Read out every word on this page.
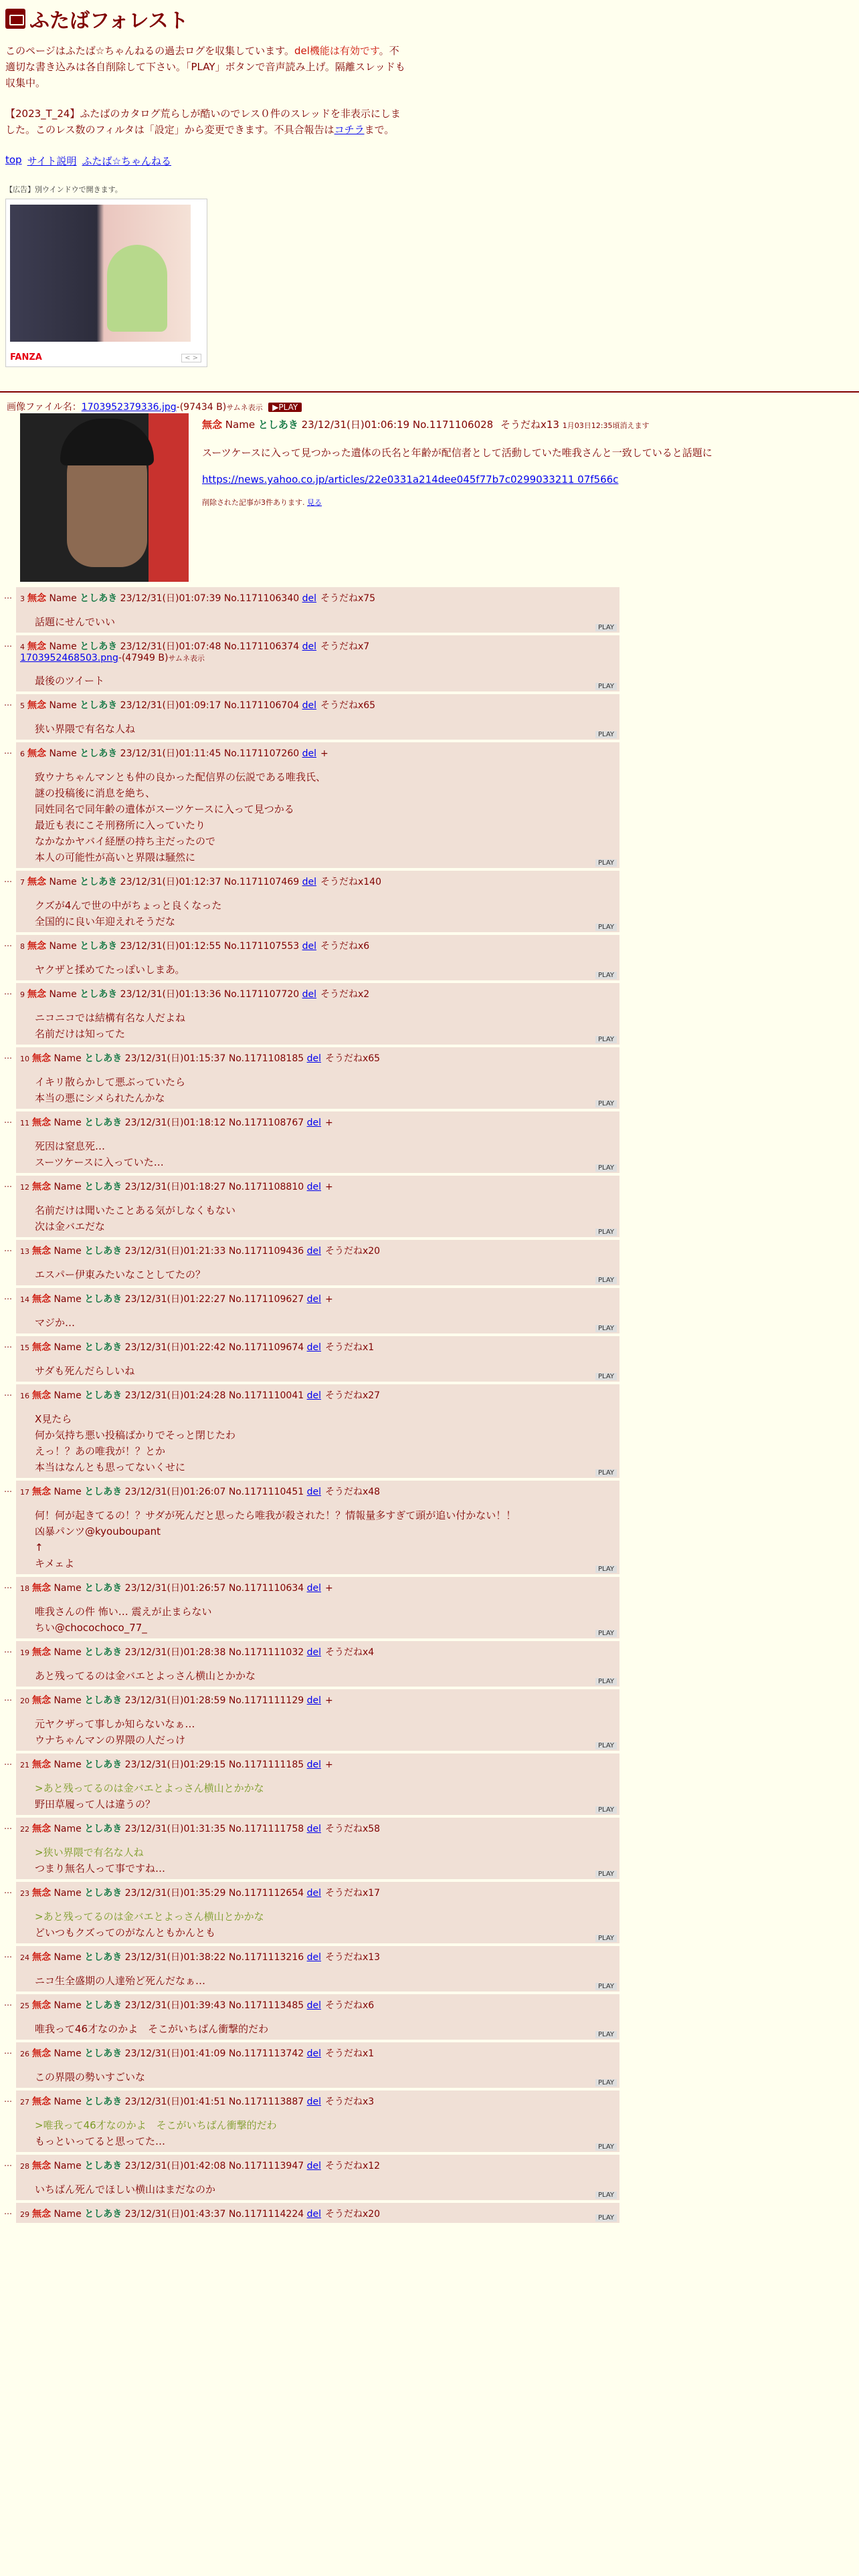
ふたばフォレスト
このページはふたば☆ちゃんねるの過去ログを収集しています。del機能は有効です。不適切な書き込みは各自削除して下さい。「PLAY」ボタンで音声読み上げ。隔離スレッドも収集中。
【2023_T_24】ふたばのカタログ荒らしが酷いのでレス０件のスレッドを非表示にしました。このレス数のフィルタは「設定」から変更できます。不具合報告はコチラまで。
top サイト説明 ふたば☆ちゃんねる
【広告】別ウインドウで開きます。
FANZA	< >
画像ファイル名：1703952379336.jpg-(97434 B)サムネ表示 ▶PLAY
無念 Name としあき 23/12/31(日)01:06:19 No.1171106028 そうだねx13 1月03日12:35頃消えます
スーツケースに入って見つかった遺体の氏名と年齢が配信者として活動していた唯我さんと一致していると話題に
https://news.yahoo.co.jp/articles/22e0331a214dee045f77b7c0299033211 07f566c
削除された記事が3件あります. 見る
… 3 無念 Name としあき 23/12/31(日)01:07:39 No.1171106340 del そうだねx75
話題にせんでいい	PLAY
… 4 無念 Name としあき 23/12/31(日)01:07:48 No.1171106374 del そうだねx7
1703952468503.png-(47949 B)サムネ表示
最後のツイート	PLAY
… 5 無念 Name としあき 23/12/31(日)01:09:17 No.1171106704 del そうだねx65
狭い界隈で有名な人ね	PLAY
… 6 無念 Name としあき 23/12/31(日)01:11:45 No.1171107260 del +
致ウナちゃんマンとも仲の良かった配信界の伝説である唯我氏、
謎の投稿後に消息を絶ち、
同姓同名で同年齢の遺体がスーツケースに入って見つかる
最近も表にこそ刑務所に入っていたり
なかなかヤバイ経歴の持ち主だったので
本人の可能性が高いと界隈は騒然に	PLAY
… 7 無念 Name としあき 23/12/31(日)01:12:37 No.1171107469 del そうだねx140
クズが4んで世の中がちょっと良くなった
全国的に良い年迎えれそうだな	PLAY
… 8 無念 Name としあき 23/12/31(日)01:12:55 No.1171107553 del そうだねx6
ヤクザと揉めてたっぽいしまあ。	PLAY
… 9 無念 Name としあき 23/12/31(日)01:13:36 No.1171107720 del そうだねx2
ニコニコでは結構有名な人だよね
名前だけは知ってた	PLAY
… 10 無念 Name としあき 23/12/31(日)01:15:37 No.1171108185 del そうだねx65
イキリ散らかして悪ぶっていたら
本当の悪にシメられたんかな	PLAY
… 11 無念 Name としあき 23/12/31(日)01:18:12 No.1171108767 del +
死因は窒息死…
スーツケースに入っていた…	PLAY
… 12 無念 Name としあき 23/12/31(日)01:18:27 No.1171108810 del +
名前だけは聞いたことある気がしなくもない
次は金バエだな	PLAY
… 13 無念 Name としあき 23/12/31(日)01:21:33 No.1171109436 del そうだねx20
エスパー伊東みたいなことしてたの？	PLAY
… 14 無念 Name としあき 23/12/31(日)01:22:27 No.1171109627 del +
マジか…	PLAY
… 15 無念 Name としあき 23/12/31(日)01:22:42 No.1171109674 del そうだねx1
サダも死んだらしいね	PLAY
… 16 無念 Name としあき 23/12/31(日)01:24:28 No.1171110041 del そうだねx27
X見たら
何か気持ち悪い投稿ばかりでそっと閉じたわ
えっ！？あの唯我が！？とか
本当はなんとも思ってないくせに	PLAY
… 17 無念 Name としあき 23/12/31(日)01:26:07 No.1171110451 del そうだねx48
何！何が起きてるの！？サダが死んだと思ったら唯我が殺された！？情報量多すぎて頭が追い付かない！！
凶暴パンツ@kyouboupant
↑
キメェよ	PLAY
… 18 無念 Name としあき 23/12/31(日)01:26:57 No.1171110634 del +
唯我さんの件 怖い… 震えが止まらない
ちい@chocochoco_77_	PLAY
… 19 無念 Name としあき 23/12/31(日)01:28:38 No.1171111032 del そうだねx4
あと残ってるのは金バエとよっさん横山とかかな	PLAY
… 20 無念 Name としあき 23/12/31(日)01:28:59 No.1171111129 del +
元ヤクザって事しか知らないなぁ…
ウナちゃんマンの界隈の人だっけ	PLAY
… 21 無念 Name としあき 23/12/31(日)01:29:15 No.1171111185 del +
>あと残ってるのは金バエとよっさん横山とかかな
野田草履って人は違うの？	PLAY
… 22 無念 Name としあき 23/12/31(日)01:31:35 No.1171111758 del そうだねx58
>狭い界隈で有名な人ね
つまり無名人って事ですね…	PLAY
… 23 無念 Name としあき 23/12/31(日)01:35:29 No.1171112654 del そうだねx17
>あと残ってるのは金バエとよっさん横山とかかな
どいつもクズってのがなんともかんとも	PLAY
… 24 無念 Name としあき 23/12/31(日)01:38:22 No.1171113216 del そうだねx13
ニコ生全盛期の人達殆ど死んだなぁ…	PLAY
… 25 無念 Name としあき 23/12/31(日)01:39:43 No.1171113485 del そうだねx6
唯我って46才なのかよ　そこがいちばん衝撃的だわ	PLAY
… 26 無念 Name としあき 23/12/31(日)01:41:09 No.1171113742 del そうだねx1
この界隈の勢いすごいな	PLAY
… 27 無念 Name としあき 23/12/31(日)01:41:51 No.1171113887 del そうだねx3
>唯我って46才なのかよ　そこがいちばん衝撃的だわ
もっといってると思ってた…	PLAY
… 28 無念 Name としあき 23/12/31(日)01:42:08 No.1171113947 del そうだねx12
いちばん死んでほしい横山はまだなのか	PLAY
… 29 無念 Name としあき 23/12/31(日)01:43:37 No.1171114224 del そうだねx20	PLAY
